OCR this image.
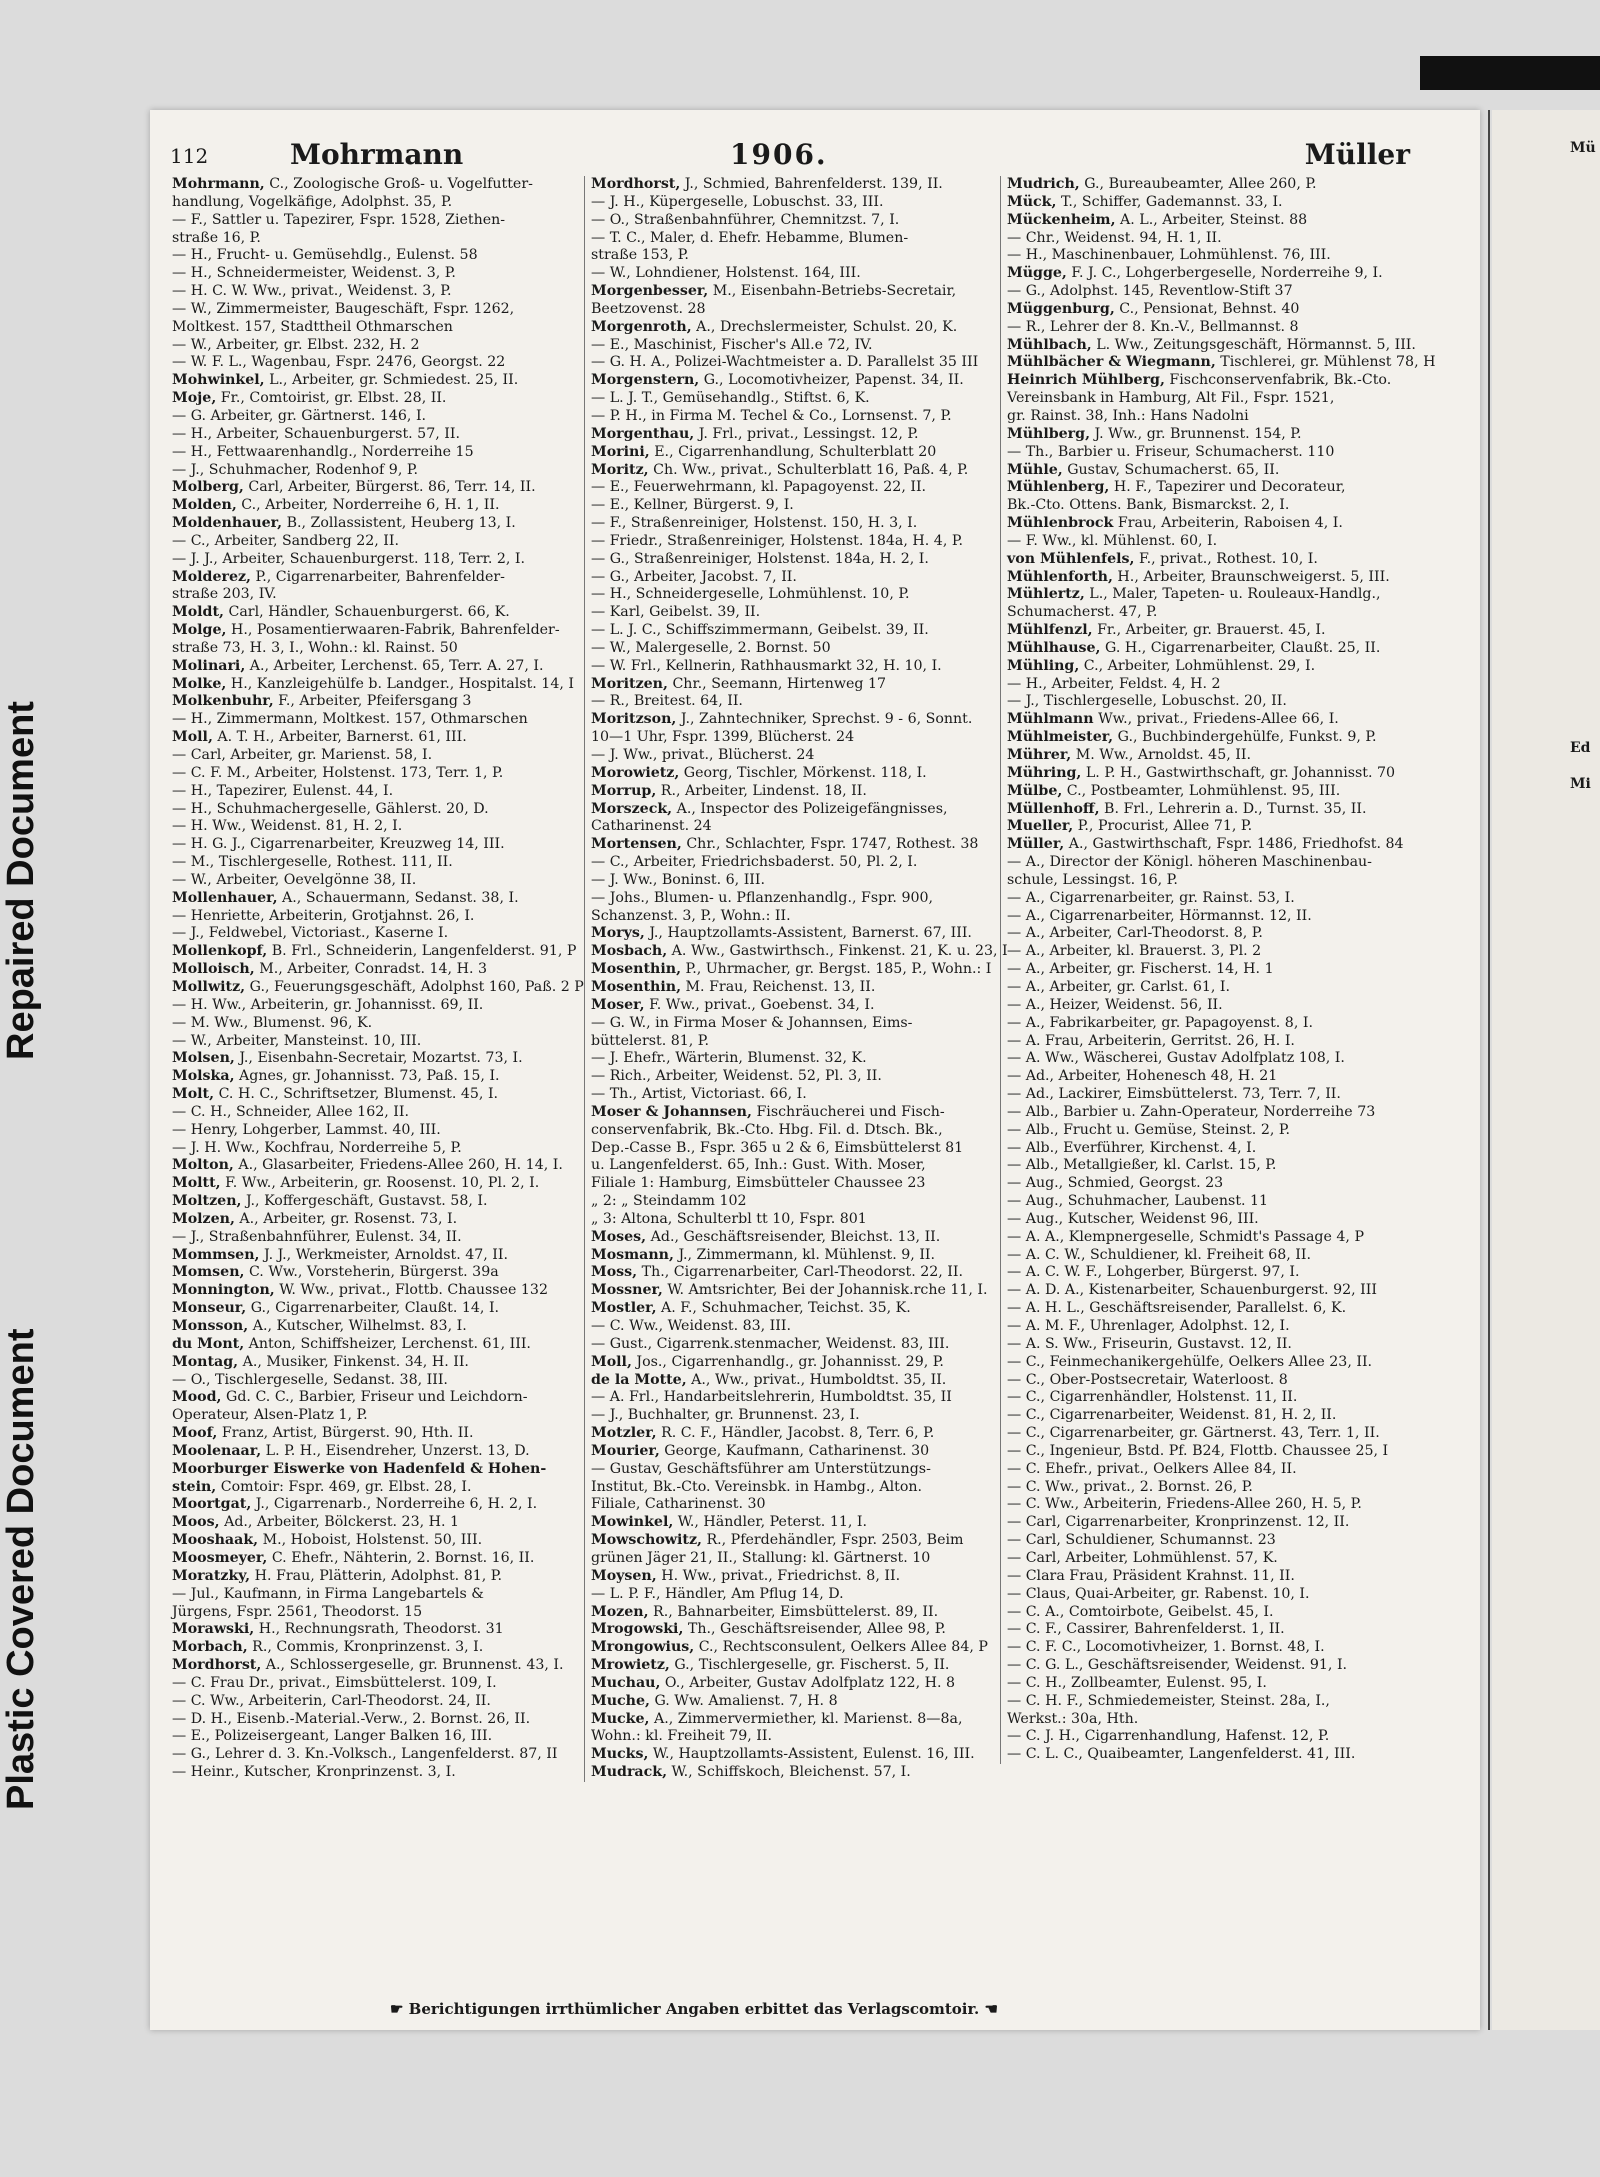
Plastic Covered Document
Repaired Document
112	Mohrmann	1906.	Müller
Mohrmann, C., Zoologische Groß- u. Vogelfutter-
handlung, Vogelkäfige, Adolphst. 35, P.
— F., Sattler u. Tapezirer, Fspr. 1528, Ziethen-
straße 16, P.
— H., Frucht- u. Gemüsehdlg., Eulenst. 58
— H., Schneidermeister, Weidenst. 3, P.
— H. C. W. Ww., privat., Weidenst. 3, P.
— W., Zimmermeister, Baugeschäft, Fspr. 1262,
Moltkest. 157, Stadttheil Othmarschen
— W., Arbeiter, gr. Elbst. 232, H. 2
— W. F. L., Wagenbau, Fspr. 2476, Georgst. 22
Mohwinkel, L., Arbeiter, gr. Schmiedest. 25, II.
Moje, Fr., Comtoirist, gr. Elbst. 28, II.
— G. Arbeiter, gr. Gärtnerst. 146, I.
— H., Arbeiter, Schauenburgerst. 57, II.
— H., Fettwaarenhandlg., Norderreihe 15
— J., Schuhmacher, Rodenhof 9, P.
Molberg, Carl, Arbeiter, Bürgerst. 86, Terr. 14, II.
Molden, C., Arbeiter, Norderreihe 6, H. 1, II.
Moldenhauer, B., Zollassistent, Heuberg 13, I.
— C., Arbeiter, Sandberg 22, II.
— J. J., Arbeiter, Schauenburgerst. 118, Terr. 2, I.
Molderez, P., Cigarrenarbeiter, Bahrenfelder-
straße 203, IV.
Moldt, Carl, Händler, Schauenburgerst. 66, K.
Molge, H., Posamentierwaaren-Fabrik, Bahrenfelder-
straße 73, H. 3, I., Wohn.: kl. Rainst. 50
Molinari, A., Arbeiter, Lerchenst. 65, Terr. A. 27, I.
Molke, H., Kanzleigehülfe b. Landger., Hospitalst. 14, I
Molkenbuhr, F., Arbeiter, Pfeifersgang 3
— H., Zimmermann, Moltkest. 157, Othmarschen
Moll, A. T. H., Arbeiter, Barnerst. 61, III.
— Carl, Arbeiter, gr. Marienst. 58, I.
— C. F. M., Arbeiter, Holstenst. 173, Terr. 1, P.
— H., Tapezirer, Eulenst. 44, I.
— H., Schuhmachergeselle, Gählerst. 20, D.
— H. Ww., Weidenst. 81, H. 2, I.
— H. G. J., Cigarrenarbeiter, Kreuzweg 14, III.
— M., Tischlergeselle, Rothest. 111, II.
— W., Arbeiter, Oevelgönne 38, II.
Mollenhauer, A., Schauermann, Sedanst. 38, I.
— Henriette, Arbeiterin, Grotjahnst. 26, I.
— J., Feldwebel, Victoriast., Kaserne I.
Mollenkopf, B. Frl., Schneiderin, Langenfelderst. 91, P
Molloisch, M., Arbeiter, Conradst. 14, H. 3
Mollwitz, G., Feuerungsgeschäft, Adolphst 160, Paß. 2 P
— H. Ww., Arbeiterin, gr. Johannisst. 69, II.
— M. Ww., Blumenst. 96, K.
— W., Arbeiter, Mansteinst. 10, III.
Molsen, J., Eisenbahn-Secretair, Mozartst. 73, I.
Molska, Agnes, gr. Johannisst. 73, Paß. 15, I.
Molt, C. H. C., Schriftsetzer, Blumenst. 45, I.
— C. H., Schneider, Allee 162, II.
— Henry, Lohgerber, Lammst. 40, III.
— J. H. Ww., Kochfrau, Norderreihe 5, P.
Molton, A., Glasarbeiter, Friedens-Allee 260, H. 14, I.
Moltt, F. Ww., Arbeiterin, gr. Roosenst. 10, Pl. 2, I.
Moltzen, J., Koffergeschäft, Gustavst. 58, I.
Molzen, A., Arbeiter, gr. Rosenst. 73, I.
— J., Straßenbahnführer, Eulenst. 34, II.
Mommsen, J. J., Werkmeister, Arnoldst. 47, II.
Momsen, C. Ww., Vorsteherin, Bürgerst. 39a
Monnington, W. Ww., privat., Flottb. Chaussee 132
Monseur, G., Cigarrenarbeiter, Claußt. 14, I.
Monsson, A., Kutscher, Wilhelmst. 83, I.
du Mont, Anton, Schiffsheizer, Lerchenst. 61, III.
Montag, A., Musiker, Finkenst. 34, H. II.
— O., Tischlergeselle, Sedanst. 38, III.
Mood, Gd. C. C., Barbier, Friseur und Leichdorn-
Operateur, Alsen-Platz 1, P.
Moof, Franz, Artist, Bürgerst. 90, Hth. II.
Moolenaar, L. P. H., Eisendreher, Unzerst. 13, D.
Moorburger Eiswerke von Hadenfeld & Hohen-
stein, Comtoir: Fspr. 469, gr. Elbst. 28, I.
Moortgat, J., Cigarrenarb., Norderreihe 6, H. 2, I.
Moos, Ad., Arbeiter, Bölckerst. 23, H. 1
Mooshaak, M., Hoboist, Holstenst. 50, III.
Moosmeyer, C. Ehefr., Nähterin, 2. Bornst. 16, II.
Moratzky, H. Frau, Plätterin, Adolphst. 81, P.
— Jul., Kaufmann, in Firma Langebartels &
Jürgens, Fspr. 2561, Theodorst. 15
Morawski, H., Rechnungsrath, Theodorst. 31
Morbach, R., Commis, Kronprinzenst. 3, I.
Mordhorst, A., Schlossergeselle, gr. Brunnenst. 43, I.
— C. Frau Dr., privat., Eimsbüttelerst. 109, I.
— C. Ww., Arbeiterin, Carl-Theodorst. 24, II.
— D. H., Eisenb.-Material.-Verw., 2. Bornst. 26, II.
— E., Polizeisergeant, Langer Balken 16, III.
— G., Lehrer d. 3. Kn.-Volksch., Langenfelderst. 87, II
— Heinr., Kutscher, Kronprinzenst. 3, I.
Mordhorst, J., Schmied, Bahrenfelderst. 139, II.
— J. H., Küpergeselle, Lobuschst. 33, III.
— O., Straßenbahnführer, Chemnitzst. 7, I.
— T. C., Maler, d. Ehefr. Hebamme, Blumen-
straße 153, P.
— W., Lohndiener, Holstenst. 164, III.
Morgenbesser, M., Eisenbahn-Betriebs-Secretair,
Beetzovenst. 28
Morgenroth, A., Drechslermeister, Schulst. 20, K.
— E., Maschinist, Fischer's All.e 72, IV.
— G. H. A., Polizei-Wachtmeister a. D. Parallelst 35 III
Morgenstern, G., Locomotivheizer, Papenst. 34, II.
— L. J. T., Gemüsehandlg., Stiftst. 6, K.
— P. H., in Firma M. Techel & Co., Lornsenst. 7, P.
Morgenthau, J. Frl., privat., Lessingst. 12, P.
Morini, E., Cigarrenhandlung, Schulterblatt 20
Moritz, Ch. Ww., privat., Schulterblatt 16, Paß. 4, P.
— E., Feuerwehrmann, kl. Papagoyenst. 22, II.
— E., Kellner, Bürgerst. 9, I.
— F., Straßenreiniger, Holstenst. 150, H. 3, I.
— Friedr., Straßenreiniger, Holstenst. 184a, H. 4, P.
— G., Straßenreiniger, Holstenst. 184a, H. 2, I.
— G., Arbeiter, Jacobst. 7, II.
— H., Schneidergeselle, Lohmühlenst. 10, P.
— Karl, Geibelst. 39, II.
— L. J. C., Schiffszimmermann, Geibelst. 39, II.
— W., Malergeselle, 2. Bornst. 50
— W. Frl., Kellnerin, Rathhausmarkt 32, H. 10, I.
Moritzen, Chr., Seemann, Hirtenweg 17
— R., Breitest. 64, II.
Moritzson, J., Zahntechniker, Sprechst. 9 - 6, Sonnt.
10—1 Uhr, Fspr. 1399, Blücherst. 24
— J. Ww., privat., Blücherst. 24
Morowietz, Georg, Tischler, Mörkenst. 118, I.
Morrup, R., Arbeiter, Lindenst. 18, II.
Morszeck, A., Inspector des Polizeigefängnisses,
Catharinenst. 24
Mortensen, Chr., Schlachter, Fspr. 1747, Rothest. 38
— C., Arbeiter, Friedrichsbaderst. 50, Pl. 2, I.
— J. Ww., Boninst. 6, III.
— Johs., Blumen- u. Pflanzenhandlg., Fspr. 900,
Schanzenst. 3, P., Wohn.: II.
Morys, J., Hauptzollamts-Assistent, Barnerst. 67, III.
Mosbach, A. Ww., Gastwirthsch., Finkenst. 21, K. u. 23, I
Mosenthin, P., Uhrmacher, gr. Bergst. 185, P., Wohn.: I
Mosenthin, M. Frau, Reichenst. 13, II.
Moser, F. Ww., privat., Goebenst. 34, I.
— G. W., in Firma Moser & Johannsen, Eims-
büttelerst. 81, P.
— J. Ehefr., Wärterin, Blumenst. 32, K.
— Rich., Arbeiter, Weidenst. 52, Pl. 3, II.
— Th., Artist, Victoriast. 66, I.
Moser & Johannsen, Fischräucherei und Fisch-
conservenfabrik, Bk.-Cto. Hbg. Fil. d. Dtsch. Bk.,
Dep.-Casse B., Fspr. 365 u 2 & 6, Eimsbüttelerst 81
u. Langenfelderst. 65, Inh.: Gust. With. Moser,
Filiale 1: Hamburg, Eimsbütteler Chaussee 23
„ 2: „ Steindamm 102
„ 3: Altona, Schulterbl tt 10, Fspr. 801
Moses, Ad., Geschäftsreisender, Bleichst. 13, II.
Mosmann, J., Zimmermann, kl. Mühlenst. 9, II.
Moss, Th., Cigarrenarbeiter, Carl-Theodorst. 22, II.
Mossner, W. Amtsrichter, Bei der Johannisk.rche 11, I.
Mostler, A. F., Schuhmacher, Teichst. 35, K.
— C. Ww., Weidenst. 83, III.
— Gust., Cigarrenk.stenmacher, Weidenst. 83, III.
Moll, Jos., Cigarrenhandlg., gr. Johannisst. 29, P.
de la Motte, A., Ww., privat., Humboldtst. 35, II.
— A. Frl., Handarbeitslehrerin, Humboldtst. 35, II
— J., Buchhalter, gr. Brunnenst. 23, I.
Motzler, R. C. F., Händler, Jacobst. 8, Terr. 6, P.
Mourier, George, Kaufmann, Catharinenst. 30
— Gustav, Geschäftsführer am Unterstützungs-
Institut, Bk.-Cto. Vereinsbk. in Hambg., Alton.
Filiale, Catharinenst. 30
Mowinkel, W., Händler, Peterst. 11, I.
Mowschowitz, R., Pferdehändler, Fspr. 2503, Beim
grünen Jäger 21, II., Stallung: kl. Gärtnerst. 10
Moysen, H. Ww., privat., Friedrichst. 8, II.
— L. P. F., Händler, Am Pflug 14, D.
Mozen, R., Bahnarbeiter, Eimsbüttelerst. 89, II.
Mrogowski, Th., Geschäftsreisender, Allee 98, P.
Mrongowius, C., Rechtsconsulent, Oelkers Allee 84, P
Mrowietz, G., Tischlergeselle, gr. Fischerst. 5, II.
Muchau, O., Arbeiter, Gustav Adolfplatz 122, H. 8
Muche, G. Ww. Amalienst. 7, H. 8
Mucke, A., Zimmervermiether, kl. Marienst. 8—8a,
Wohn.: kl. Freiheit 79, II.
Mucks, W., Hauptzollamts-Assistent, Eulenst. 16, III.
Mudrack, W., Schiffskoch, Bleichenst. 57, I.
Mudrich, G., Bureaubeamter, Allee 260, P.
Mück, T., Schiffer, Gademannst. 33, I.
Mückenheim, A. L., Arbeiter, Steinst. 88
— Chr., Weidenst. 94, H. 1, II.
— H., Maschinenbauer, Lohmühlenst. 76, III.
Mügge, F. J. C., Lohgerbergeselle, Norderreihe 9, I.
— G., Adolphst. 145, Reventlow-Stift 37
Müggenburg, C., Pensionat, Behnst. 40
— R., Lehrer der 8. Kn.-V., Bellmannst. 8
Mühlbach, L. Ww., Zeitungsgeschäft, Hörmannst. 5, III.
Mühlbächer & Wiegmann, Tischlerei, gr. Mühlenst 78, H
Heinrich Mühlberg, Fischconservenfabrik, Bk.-Cto.
Vereinsbank in Hamburg, Alt Fil., Fspr. 1521,
gr. Rainst. 38, Inh.: Hans Nadolni
Mühlberg, J. Ww., gr. Brunnenst. 154, P.
— Th., Barbier u. Friseur, Schumacherst. 110
Mühle, Gustav, Schumacherst. 65, II.
Mühlenberg, H. F., Tapezirer und Decorateur,
Bk.-Cto. Ottens. Bank, Bismarckst. 2, I.
Mühlenbrock Frau, Arbeiterin, Raboisen 4, I.
— F. Ww., kl. Mühlenst. 60, I.
von Mühlenfels, F., privat., Rothest. 10, I.
Mühlenforth, H., Arbeiter, Braunschweigerst. 5, III.
Mühlertz, L., Maler, Tapeten- u. Rouleaux-Handlg.,
Schumacherst. 47, P.
Mühlfenzl, Fr., Arbeiter, gr. Brauerst. 45, I.
Mühlhause, G. H., Cigarrenarbeiter, Claußt. 25, II.
Mühling, C., Arbeiter, Lohmühlenst. 29, I.
— H., Arbeiter, Feldst. 4, H. 2
— J., Tischlergeselle, Lobuschst. 20, II.
Mühlmann Ww., privat., Friedens-Allee 66, I.
Mühlmeister, G., Buchbindergehülfe, Funkst. 9, P.
Mührer, M. Ww., Arnoldst. 45, II.
Mühring, L. P. H., Gastwirthschaft, gr. Johannisst. 70
Mülbe, C., Postbeamter, Lohmühlenst. 95, III.
Müllenhoff, B. Frl., Lehrerin a. D., Turnst. 35, II.
Mueller, P., Procurist, Allee 71, P.
Müller, A., Gastwirthschaft, Fspr. 1486, Friedhofst. 84
— A., Director der Königl. höheren Maschinenbau-
schule, Lessingst. 16, P.
— A., Cigarrenarbeiter, gr. Rainst. 53, I.
— A., Cigarrenarbeiter, Hörmannst. 12, II.
— A., Arbeiter, Carl-Theodorst. 8, P.
— A., Arbeiter, kl. Brauerst. 3, Pl. 2
— A., Arbeiter, gr. Fischerst. 14, H. 1
— A., Arbeiter, gr. Carlst. 61, I.
— A., Heizer, Weidenst. 56, II.
— A., Fabrikarbeiter, gr. Papagoyenst. 8, I.
— A. Frau, Arbeiterin, Gerritst. 26, H. I.
— A. Ww., Wäscherei, Gustav Adolfplatz 108, I.
— Ad., Arbeiter, Hohenesch 48, H. 21
— Ad., Lackirer, Eimsbüttelerst. 73, Terr. 7, II.
— Alb., Barbier u. Zahn-Operateur, Norderreihe 73
— Alb., Frucht u. Gemüse, Steinst. 2, P.
— Alb., Everführer, Kirchenst. 4, I.
— Alb., Metallgießer, kl. Carlst. 15, P.
— Aug., Schmied, Georgst. 23
— Aug., Schuhmacher, Laubenst. 11
— Aug., Kutscher, Weidenst 96, III.
— A. A., Klempnergeselle, Schmidt's Passage 4, P
— A. C. W., Schuldiener, kl. Freiheit 68, II.
— A. C. W. F., Lohgerber, Bürgerst. 97, I.
— A. D. A., Kistenarbeiter, Schauenburgerst. 92, III
— A. H. L., Geschäftsreisender, Parallelst. 6, K.
— A. M. F., Uhrenlager, Adolphst. 12, I.
— A. S. Ww., Friseurin, Gustavst. 12, II.
— C., Feinmechanikergehülfe, Oelkers Allee 23, II.
— C., Ober-Postsecretair, Waterloost. 8
— C., Cigarrenhändler, Holstenst. 11, II.
— C., Cigarrenarbeiter, Weidenst. 81, H. 2, II.
— C., Cigarrenarbeiter, gr. Gärtnerst. 43, Terr. 1, II.
— C., Ingenieur, Bstd. Pf. B24, Flottb. Chaussee 25, I
— C. Ehefr., privat., Oelkers Allee 84, II.
— C. Ww., privat., 2. Bornst. 26, P.
— C. Ww., Arbeiterin, Friedens-Allee 260, H. 5, P.
— Carl, Cigarrenarbeiter, Kronprinzenst. 12, II.
— Carl, Schuldiener, Schumannst. 23
— Carl, Arbeiter, Lohmühlenst. 57, K.
— Clara Frau, Präsident Krahnst. 11, II.
— Claus, Quai-Arbeiter, gr. Rabenst. 10, I.
— C. A., Comtoirbote, Geibelst. 45, I.
— C. F., Cassirer, Bahrenfelderst. 1, II.
— C. F. C., Locomotivheizer, 1. Bornst. 48, I.
— C. G. L., Geschäftsreisender, Weidenst. 91, I.
— C. H., Zollbeamter, Eulenst. 95, I.
— C. H. F., Schmiedemeister, Steinst. 28a, I.,
Werkst.: 30a, Hth.
— C. J. H., Cigarrenhandlung, Hafenst. 12, P.
— C. L. C., Quaibeamter, Langenfelderst. 41, III.
☛ Berichtigungen irrthümlicher Angaben erbittet das Verlagscomtoir. ☚
Mü
Ed
Mi
